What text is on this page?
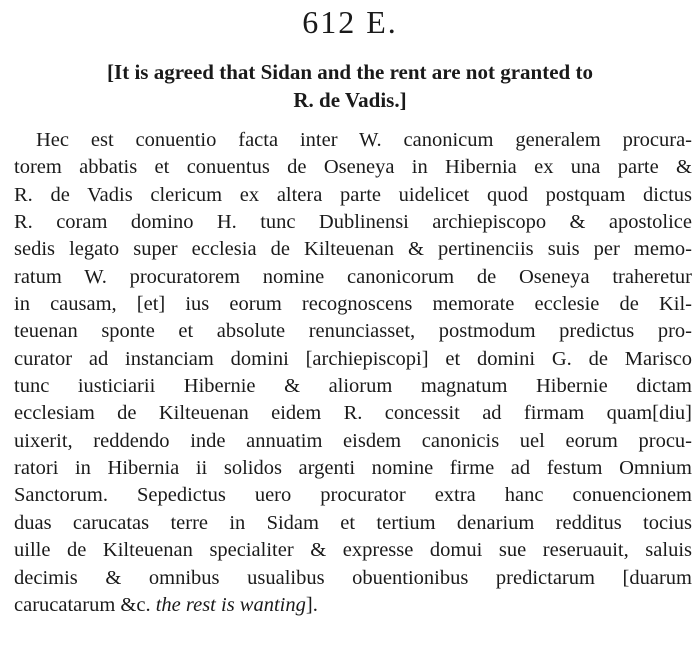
612 E.
[It is agreed that Sidan and the rent are not granted to
R. de Vadis.]
Hec est conuentio facta inter W. canonicum generalem procura-
torem abbatis et conuentus de Oseneya in Hibernia ex una parte &
R. de Vadis clericum ex altera parte uidelicet quod postquam dictus
R. coram domino H. tunc Dublinensi archiepiscopo & apostolice
sedis legato super ecclesia de Kilteuenan & pertinenciis suis per memo-
ratum W. procuratorem nomine canonicorum de Oseneya traheretur
in causam, [et] ius eorum recognoscens memorate ecclesie de Kil-
teuenan sponte et absolute renunciasset, postmodum predictus pro-
curator ad instanciam domini [archiepiscopi] et domini G. de Marisco
tunc iusticiarii Hibernie & aliorum magnatum Hibernie dictam
ecclesiam de Kilteuenan eidem R. concessit ad firmam quam[diu]
uixerit, reddendo inde annuatim eisdem canonicis uel eorum procu-
ratori in Hibernia ii solidos argenti nomine firme ad festum Omnium
Sanctorum. Sepedictus uero procurator extra hanc conuencionem
duas carucatas terre in Sidam et tertium denarium redditus tocius
uille de Kilteuenan specialiter & expresse domui sue reseruauit, saluis
decimis & omnibus usualibus obuentionibus predictarum [duarum
carucatarum &c. the rest is wanting].
